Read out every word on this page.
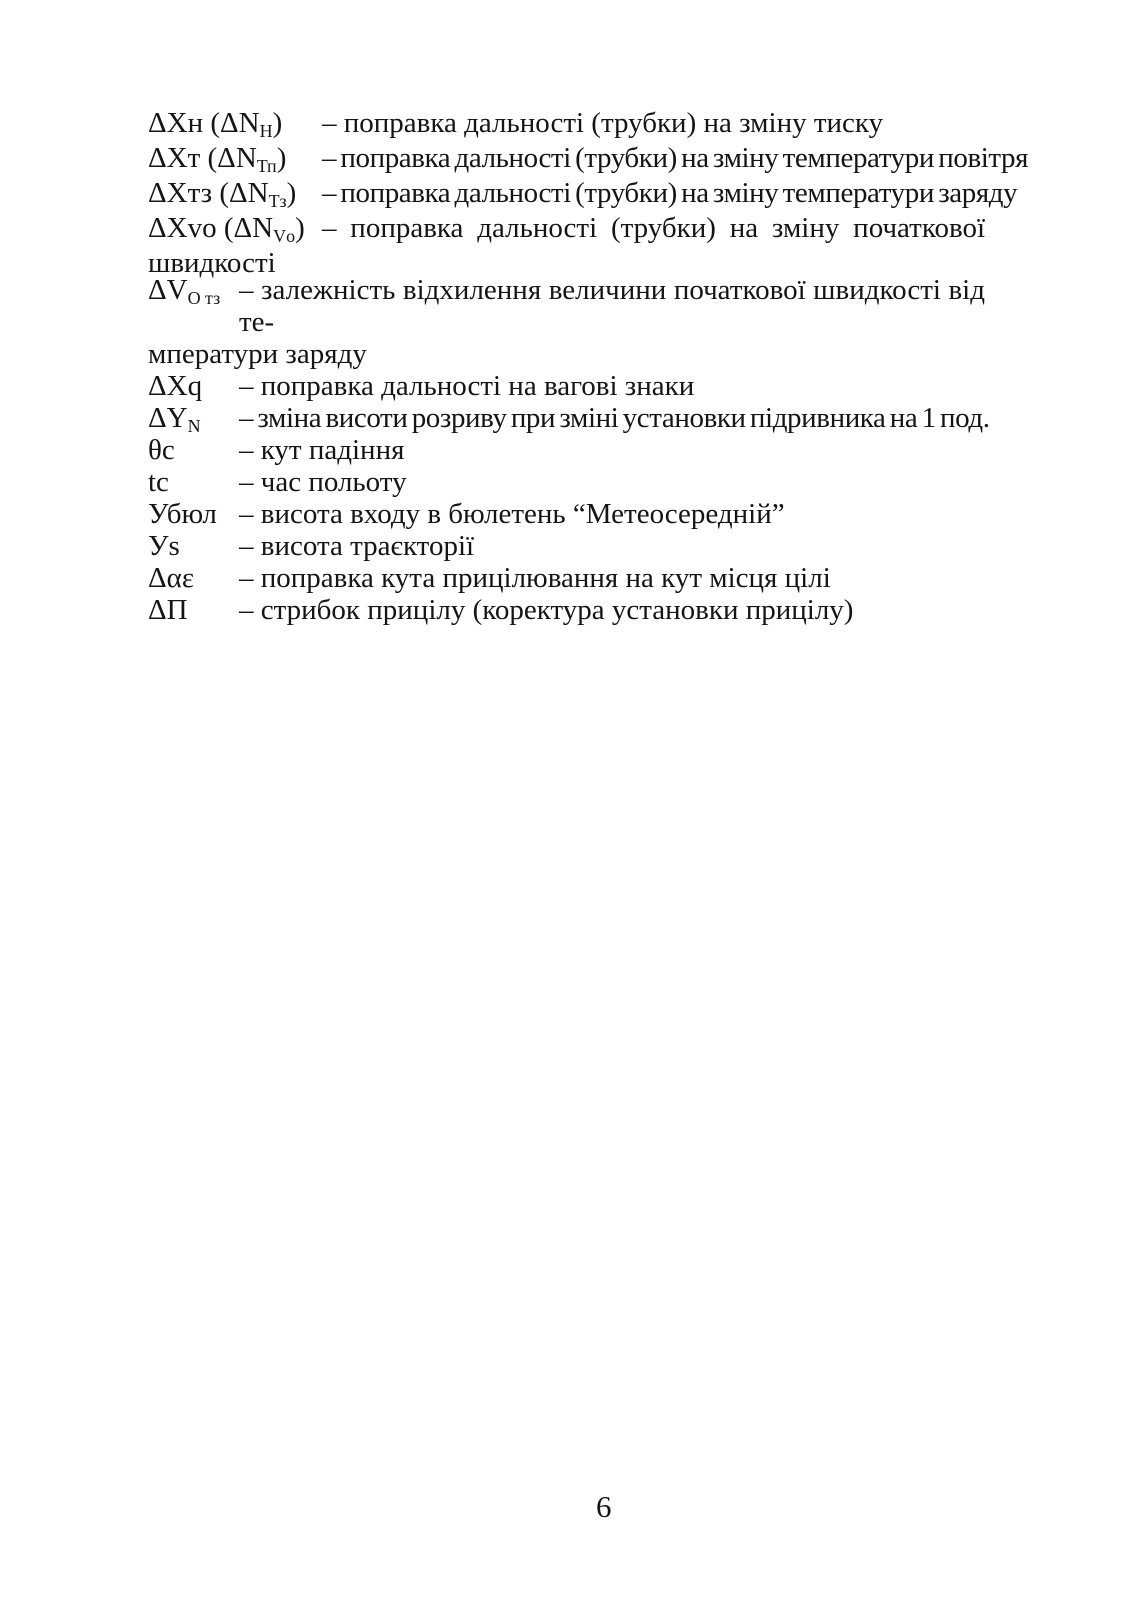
ΔXн $(\Delta N_Н)$	– поправка дальності (трубки) на зміну тиску
ΔXт $(\Delta N_{Тп})$	– поправка дальності (трубки) на зміну температури повітря
ΔXтз $(\Delta N_{Тз})$ – поправка дальності (трубки) на зміну температури заряду
ΔXvo $(\Delta N_{Vо})$ – поправка дальності (трубки) на зміну початкової
швидкості
$\Delta V_{О тз}$ – залежність відхилення величини початкової швидкості від те-
мператури заряду
ΔXq	– поправка дальності на вагові знаки
$\Delta Y_N$	– зміна висоти розриву при зміні установки підривника на 1 под.
θс	– кут падіння
tс	– час польоту
Убюл – висота входу в бюлетень “Метеосередній”
Уs	– висота траєкторії
Δαε	– поправка кута прицілювання на кут місця цілі
ΔП	– стрибок прицілу (коректура установки прицілу)
6
